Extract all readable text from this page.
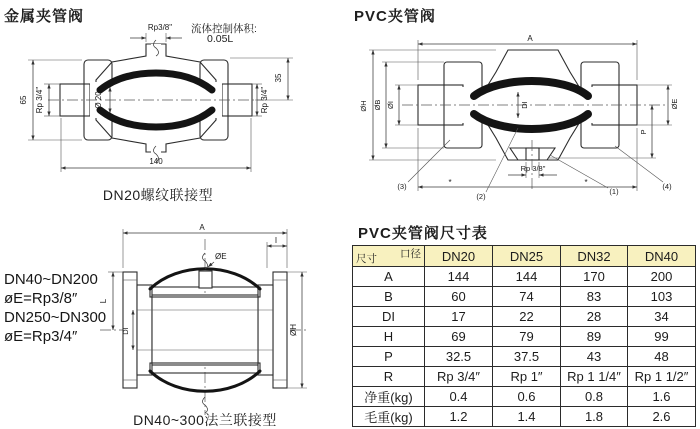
金属夹管阀
流体控制体积:
0.05L
Rp3/8"
65 Rp 3/4"	Ø 20
35
Rp 3/4"
140
DN20螺纹联接型
PVC夹管阀
A
ØH ØB ØI	DI	ØE
P
Rp 3/8"
*	*
(3)
(2)
(1)
(4)
DN40~DN200
øE=Rp3/8″
DN250~DN300
øE=Rp3/4″
A
I
ØE
L
DI	ØH
DN40~300法兰联接型
PVC夹管阀尺寸表
口径
尺寸	DN20	DN25	DN32	DN40
A	144	144	170	200
B	60	74	83	103
DI	17	22	28	34
H	69	79	89	99
P	32.5	37.5	43	48
R	Rp 3/4″	Rp 1″	Rp 1 1/4″	Rp 1 1/2″
净重(kg)	0.4	0.6	0.8	1.6
毛重(kg)	1.2	1.4	1.8	2.6
